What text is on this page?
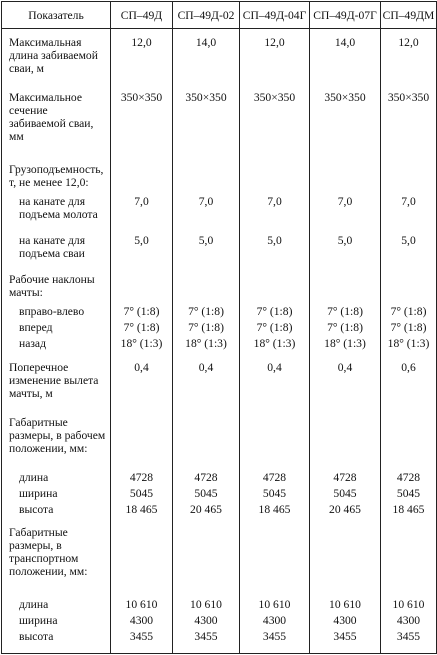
Показатель	СП–49Д	СП–49Д-02	СП–49Д-04Г	СП–49Д-07Г	СП–49ДМ

Максимальная длина забиваемой сваи, м	12,0	14,0	12,0	14,0	12,0

Максимальное сечение забиваемой сваи, мм	350×350	350×350	350×350	350×350	350×350

Грузоподъемность, т, не менее 12,0:					
на канате для подъема молота	7,0	7,0	7,0	7,0	7,0

на канате для подъема сваи	5,0	5,0	5,0	5,0	5,0

Рабочие наклоны мачты:					
вправо-влево	7° (1:8)	7° (1:8)	7° (1:8)	7° (1:8)	7° (1:8)
вперед	7° (1:8)	7° (1:8)	7° (1:8)	7° (1:8)	7° (1:8)
назад	18° (1:3)	18° (1:3)	18° (1:3)	18° (1:3)	18° (1:3)

Поперечное изменение вылета мачты, м	0,4	0,4	0,4	0,4	0,6

Габаритные размеры, в рабочем положении, мм:					

длина	4728	4728	4728	4728	4728
ширина	5045	5045	5045	5045	5045
высота	18 465	20 465	18 465	20 465	18 465

Габаритные размеры, в транспортном положении, мм:					

длина	10 610	10 610	10 610	10 610	10 610
ширина	4300	4300	4300	4300	4300
высота	3455	3455	3455	3455	3455
